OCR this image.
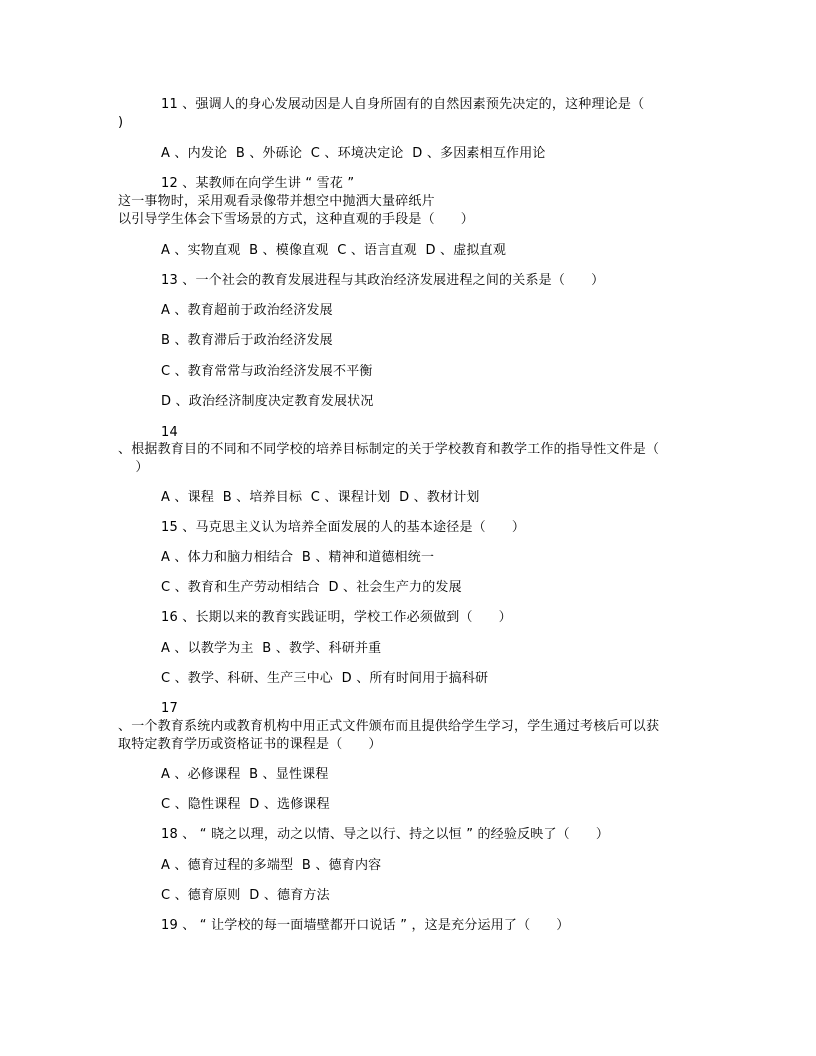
11 、强调人的身心发展动因是人自身所固有的自然因素预先决定的，这种理论是（
)
A 、内发论  B 、外砾论  C 、环境决定论  D 、多因素相互作用论
12 、某教师在向学生讲 “ 雪花 ”
这一事物时，采用观看录像带并想空中抛洒大量碎纸片
以引导学生体会下雪场景的方式，这种直观的手段是（      ）
A 、实物直观  B 、模像直观  C 、语言直观  D 、虚拟直观
13 、一个社会的教育发展进程与其政治经济发展进程之间的关系是（      ）
A 、教育超前于政治经济发展
B 、教育滞后于政治经济发展
C 、教育常常与政治经济发展不平衡
D 、政治经济制度决定教育发展状况
14
、根据教育目的不同和不同学校的培养目标制定的关于学校教育和教学工作的指导性文件是（
）
A 、课程  B 、培养目标  C 、课程计划  D 、教材计划
15 、马克思主义认为培养全面发展的人的基本途径是（      ）
A 、体力和脑力相结合  B 、精神和道德相统一
C 、教育和生产劳动相结合  D 、社会生产力的发展
16 、长期以来的教育实践证明，学校工作必须做到（      ）
A 、以教学为主  B 、教学、科研并重
C 、教学、科研、生产三中心  D 、所有时间用于搞科研
17
、一个教育系统内或教育机构中用正式文件颁布而且提供给学生学习，学生通过考核后可以获
取特定教育学历或资格证书的课程是（      ）
A 、必修课程  B 、显性课程
C 、隐性课程  D 、选修课程
18 、 “ 晓之以理，动之以情、导之以行、持之以恒 ” 的经验反映了（      ）
A 、德育过程的多端型  B 、德育内容
C 、德育原则  D 、德育方法
19 、 “ 让学校的每一面墙壁都开口说话 ” ，这是充分运用了（      ）
